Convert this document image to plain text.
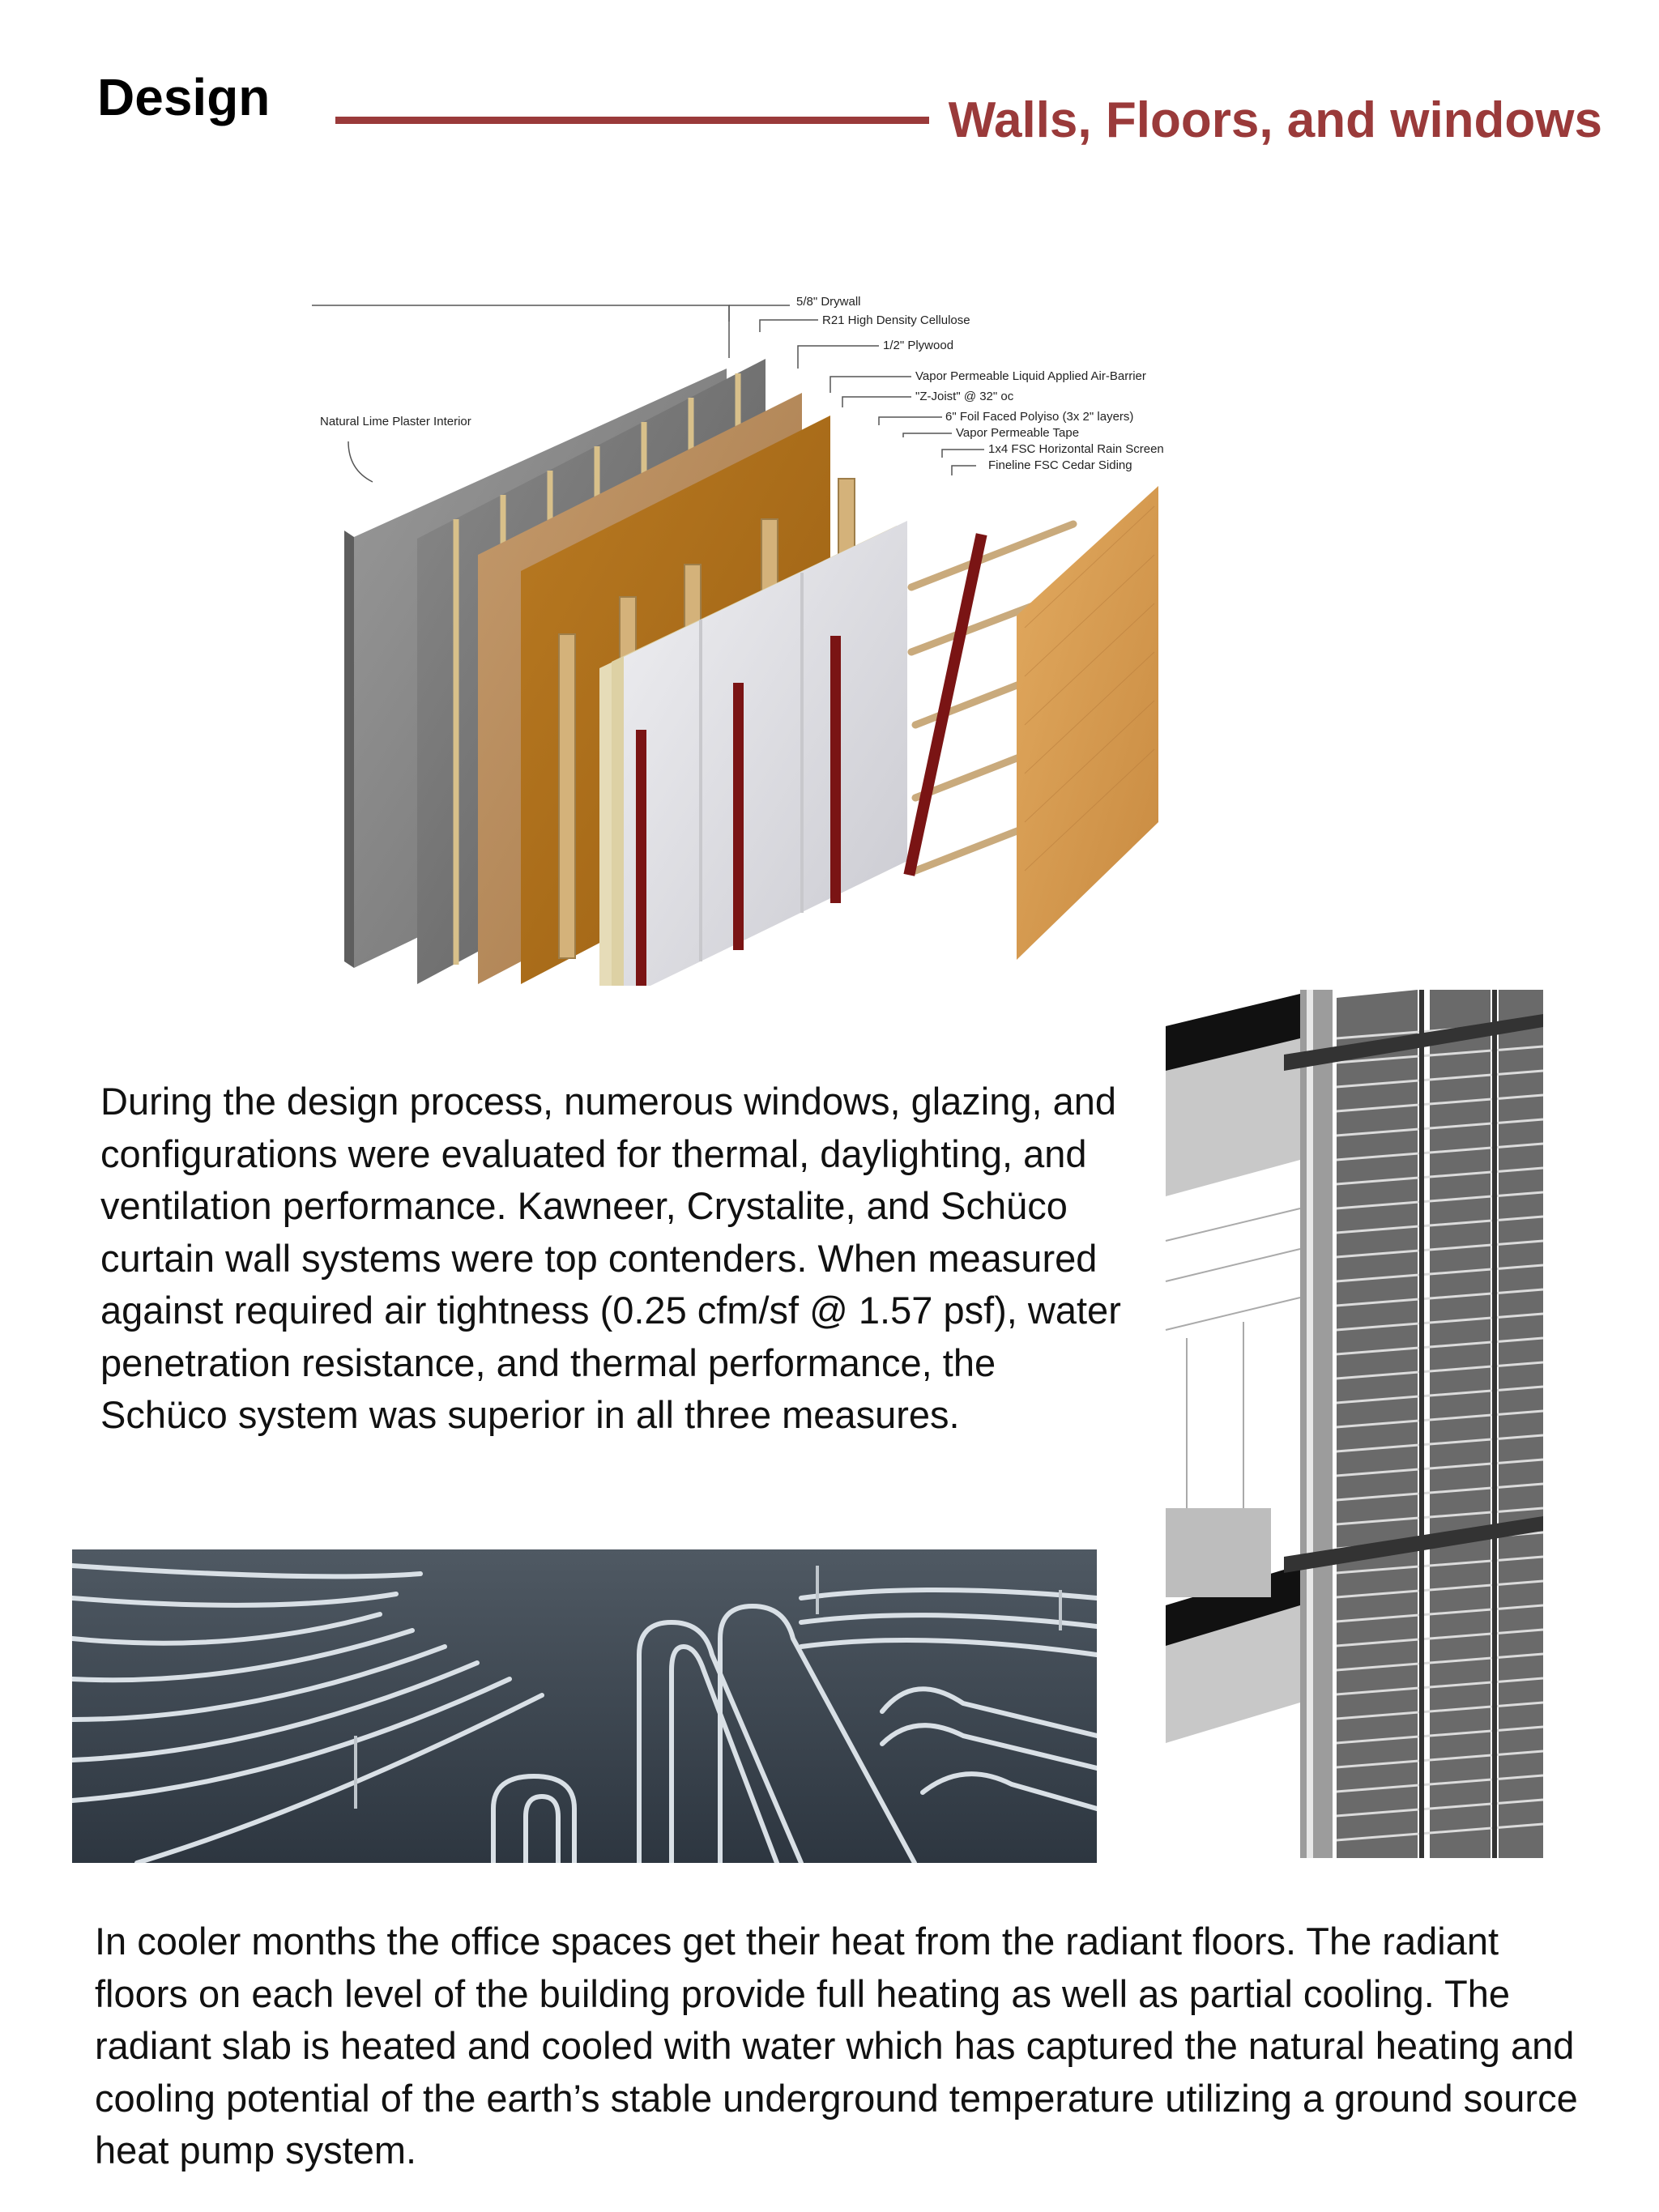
Design	Walls, Floors, and windows
5/8" Drywall
R21 High Density Cellulose
1/2" Plywood
Vapor Permeable Liquid Applied Air-Barrier
"Z-Joist" @ 32" oc
6" Foil Faced Polyiso (3x 2" layers)
Vapor Permeable Tape
1x4 FSC Horizontal Rain Screen
Fineline FSC Cedar Siding
Natural Lime Plaster Interior

During the design process, numerous windows, glazing, and configurations were evaluated for thermal, daylighting, and ventilation performance. Kawneer, Crystalite, and Schüco curtain wall systems were top contenders. When measured against required air tightness (0.25 cfm/sf @ 1.57 psf), water penetration resistance, and thermal performance, the Schüco system was superior in all three measures.

In cooler months the office spaces get their heat from the radiant floors. The radiant floors on each level of the building provide full heating as well as partial cooling. The radiant slab is heated and cooled with water which has captured the natural heating and cooling potential of the earth’s stable underground temperature utilizing a ground source heat pump system.
